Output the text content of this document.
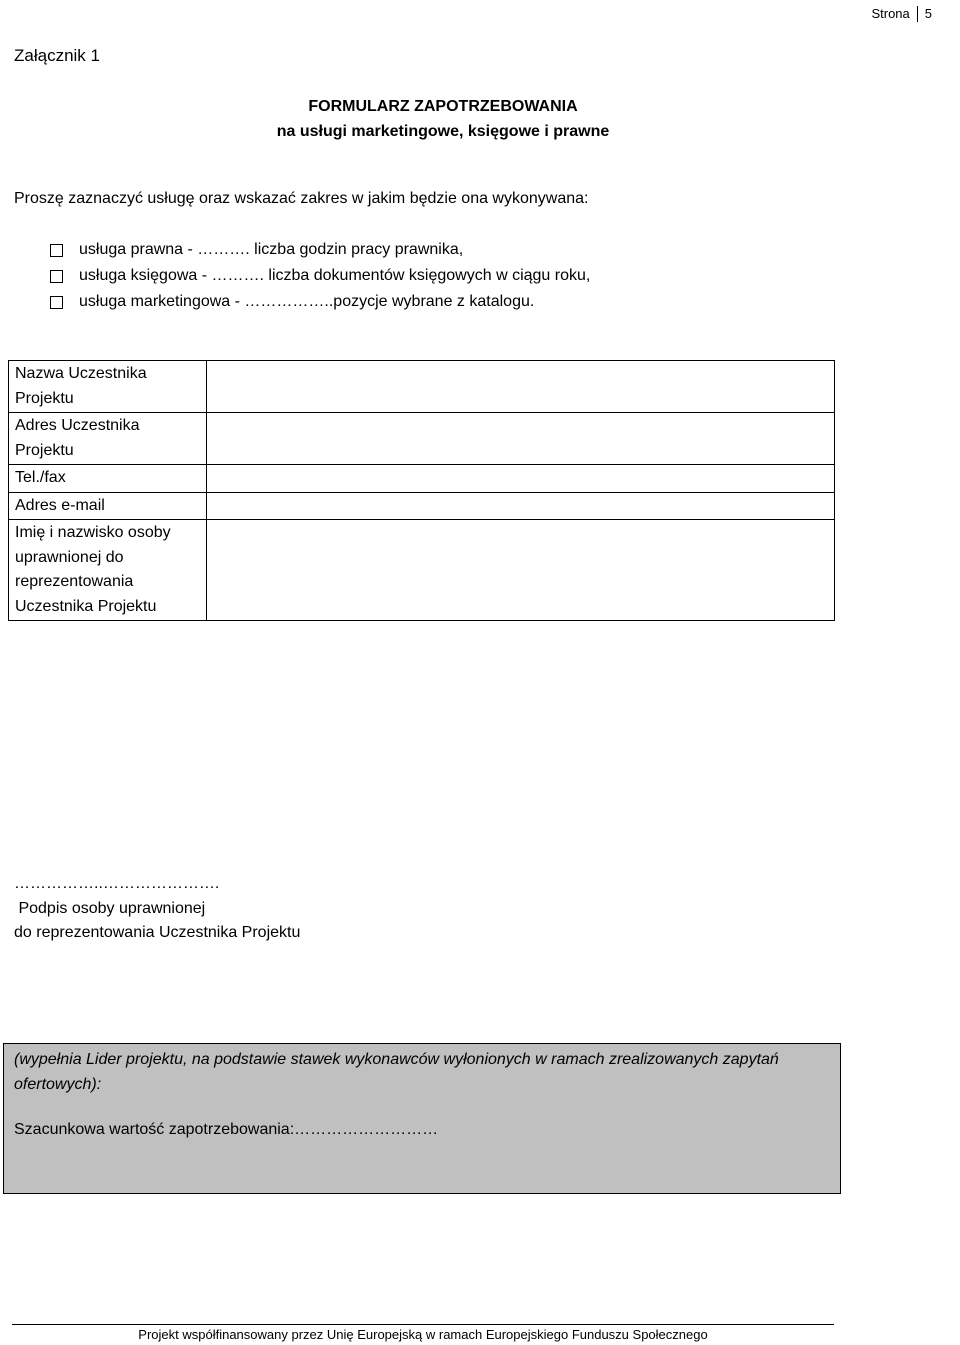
Strona 5
Załącznik 1
FORMULARZ ZAPOTRZEBOWANIA
na usługi marketingowe, księgowe i prawne
Proszę zaznaczyć usługę oraz wskazać zakres w jakim będzie ona wykonywana:
usługa prawna - ………. liczba godzin pracy prawnika,
usługa księgowa - ………. liczba dokumentów księgowych w ciągu roku,
usługa marketingowa - ……………..pozycje wybrane z katalogu.
Nazwa Uczestnika Projektu	
Adres Uczestnika Projektu	
Tel./fax	
Adres e-mail	
Imię i nazwisko osoby uprawnionej do reprezentowania Uczestnika Projektu	
……………..………………….
Podpis osoby uprawnionej
do reprezentowania Uczestnika Projektu
(wypełnia Lider projektu, na podstawie stawek wykonawców wyłonionych w ramach zrealizowanych zapytań ofertowych):
Szacunkowa wartość zapotrzebowania:………………………
Projekt współfinansowany przez Unię Europejską w ramach Europejskiego Funduszu Społecznego
